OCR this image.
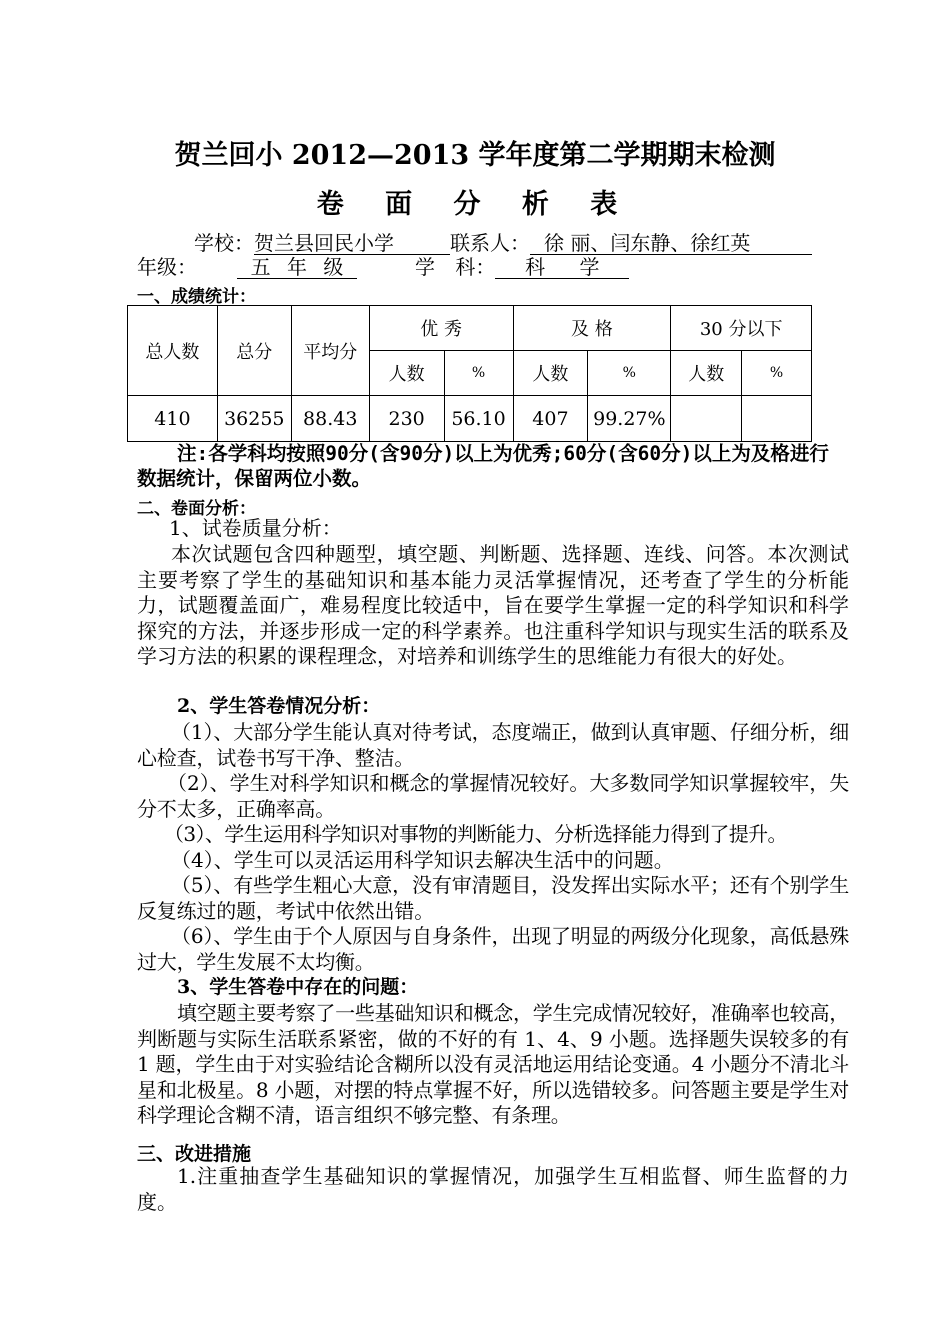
贺兰回小 2012—2013 学年度第二学期期末检测
卷 面 分 析 表
学校：贺兰县回民小学	联系人： 徐 丽、闫东静、徐红英
年级：	五 年 级	学 科： 科 学
一、成绩统计：
总人数	总分	平均分	优 秀		及 格		30 分以下	
			人数	%	人数	%	人数	%
410	36255	88.43	230	56.10	407	99.27%		
注:各学科均按照90分(含90分)以上为优秀;60分(含60分)以上为及格进行数据统计，保留两位小数。
二、卷面分析：
1、试卷质量分析：
本次试题包含四种题型，填空题、判断题、选择题、连线、问答。本次测试主要考察了学生的基础知识和基本能力灵活掌握情况，还考查了学生的分析能力，试题覆盖面广，难易程度比较适中，旨在要学生掌握一定的科学知识和科学探究的方法，并逐步形成一定的科学素养。也注重科学知识与现实生活的联系及学习方法的积累的课程理念，对培养和训练学生的思维能力有很大的好处。
2、学生答卷情况分析：
（1）、大部分学生能认真对待考试，态度端正，做到认真审题、仔细分析，细心检查，试卷书写干净、整洁。
（2）、学生对科学知识和概念的掌握情况较好。大多数同学知识掌握较牢，失分不太多，正确率高。
（3）、学生运用科学知识对事物的判断能力、分析选择能力得到了提升。
（4）、学生可以灵活运用科学知识去解决生活中的问题。
（5）、有些学生粗心大意，没有审清题目，没发挥出实际水平；还有个别学生反复练过的题，考试中依然出错。
（6）、学生由于个人原因与自身条件，出现了明显的两级分化现象，高低悬殊过大，学生发展不太均衡。
3、学生答卷中存在的问题：
填空题主要考察了一些基础知识和概念，学生完成情况较好，准确率也较高，判断题与实际生活联系紧密，做的不好的有 1、4、9 小题。选择题失误较多的有 1 题，学生由于对实验结论含糊所以没有灵活地运用结论变通。4 小题分不清北斗星和北极星。8 小题，对摆的特点掌握不好，所以选错较多。问答题主要是学生对科学理论含糊不清，语言组织不够完整、有条理。
三、改进措施
1.注重抽查学生基础知识的掌握情况，加强学生互相监督、师生监督的力度。
